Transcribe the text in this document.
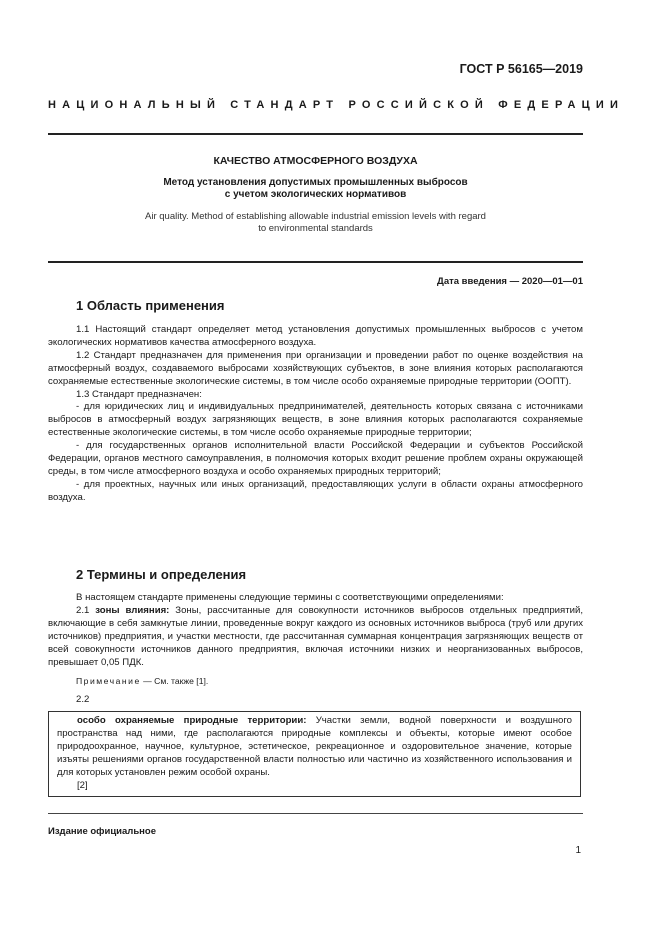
ГОСТ Р 56165—2019
НАЦИОНАЛЬНЫЙ СТАНДАРТ РОССИЙСКОЙ ФЕДЕРАЦИИ
КАЧЕСТВО АТМОСФЕРНОГО ВОЗДУХА
Метод установления допустимых промышленных выбросов
с учетом экологических нормативов
Air quality. Method of establishing allowable industrial emission levels with regard
to environmental standards
Дата введения — 2020—01—01
1 Область применения

1.1 Настоящий стандарт определяет метод установления допустимых промышленных выбросов с учетом экологических нормативов качества атмосферного воздуха.

1.2 Стандарт предназначен для применения при организации и проведении работ по оценке воздействия на атмосферный воздух, создаваемого выбросами хозяйствующих субъектов, в зоне влияния которых располагаются сохраняемые естественные экологические системы, в том числе особо охраняемые природные территории (ООПТ).

1.3 Стандарт предназначен:

- для юридических лиц и индивидуальных предпринимателей, деятельность которых связана с источниками выбросов в атмосферный воздух загрязняющих веществ, в зоне влияния которых располагаются сохраняемые естественные экологические системы, в том числе особо охраняемые природные территории;

- для государственных органов исполнительной власти Российской Федерации и субъектов Российской Федерации, органов местного самоуправления, в полномочия которых входит решение проблем охраны окружающей среды, в том числе атмосферного воздуха и особо охраняемых природных территорий;

- для проектных, научных или иных организаций, предоставляющих услуги в области охраны атмосферного воздуха.

2 Термины и определения

В настоящем стандарте применены следующие термины с соответствующими определениями:

2.1 зоны влияния: Зоны, рассчитанные для совокупности источников выбросов отдельных предприятий, включающие в себя замкнутые линии, проведенные вокруг каждого из основных источников выброса (труб или других источников) предприятия, и участки местности, где рассчитанная суммарная концентрация загрязняющих веществ от всей совокупности источников данного предприятия, включая источники низких и неорганизованных выбросов, превышает 0,05 ПДК.

Примечание — См. также [1].

2.2

особо охраняемые природные территории: Участки земли, водной поверхности и воздушного пространства над ними, где располагаются природные комплексы и объекты, которые имеют особое природоохранное, научное, культурное, эстетическое, рекреационное и оздоровительное значение, которые изъяты решениями органов государственной власти полностью или частично из хозяйственного использования и для которых установлен режим особой охраны.

[2]

Издание официальное
1
